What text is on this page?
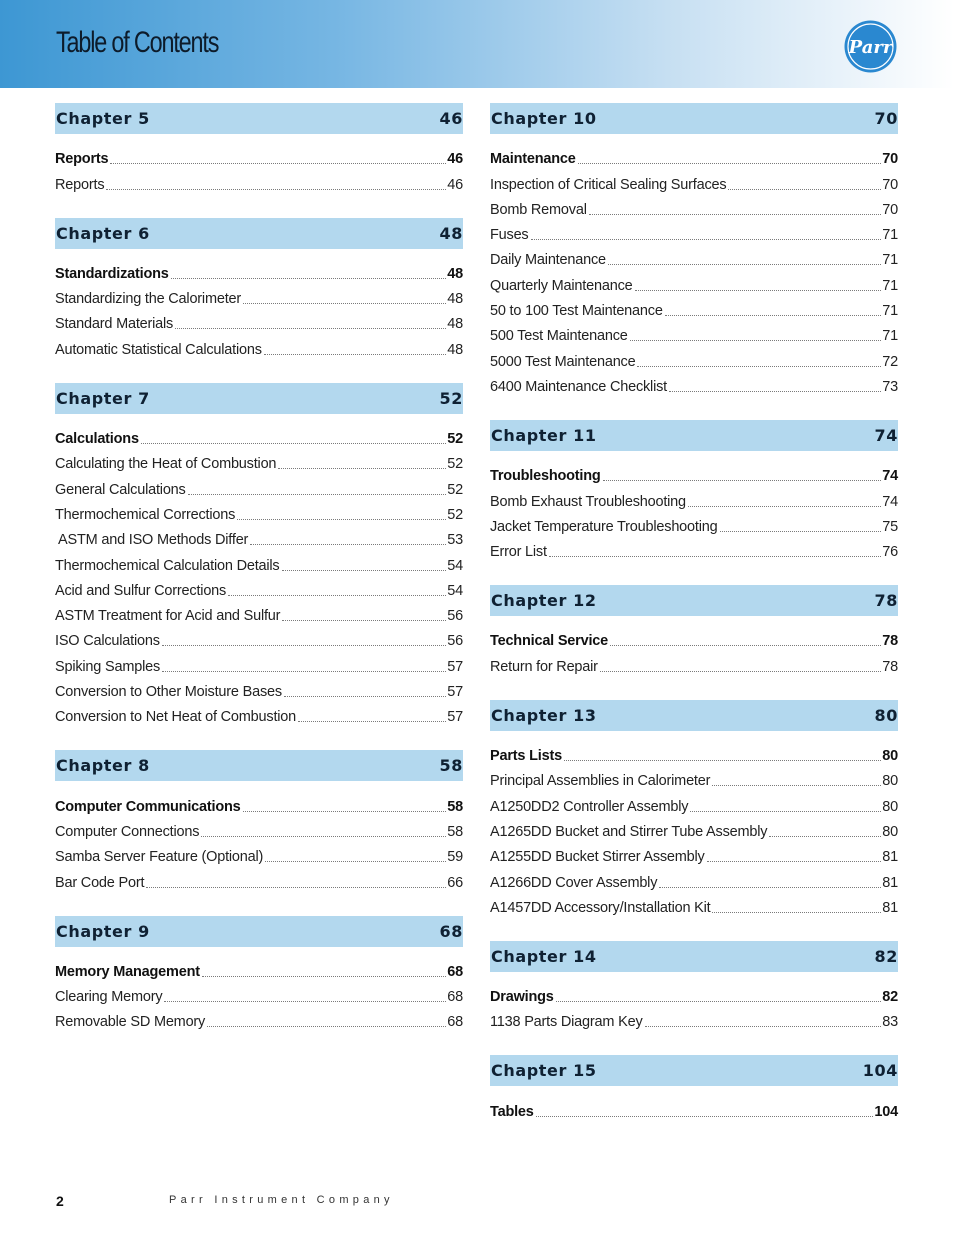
Table of Contents	Parr
Chapter 5	46
Reports	46
Reports	46
Chapter 6	48
Standardizations	48
Standardizing the Calorimeter	48
Standard Materials	48
Automatic Statistical Calculations	48
Chapter 7	52
Calculations	52
Calculating the Heat of Combustion	52
General Calculations	52
Thermochemical Corrections	52
ASTM and ISO Methods Differ	53
Thermochemical Calculation Details	54
Acid and Sulfur Corrections	54
ASTM Treatment for Acid and Sulfur	56
ISO Calculations	56
Spiking Samples	57
Conversion to Other Moisture Bases	57
Conversion to Net Heat of Combustion	57
Chapter 8	58
Computer Communications	58
Computer Connections	58
Samba Server Feature (Optional)	59
Bar Code Port	66
Chapter 9	68
Memory Management	68
Clearing Memory	68
Removable SD Memory	68
Chapter 10	70
Maintenance	70
Inspection of Critical Sealing Surfaces	70
Bomb Removal	70
Fuses	71
Daily Maintenance	71
Quarterly Maintenance	71
50 to 100 Test Maintenance	71
500 Test Maintenance	71
5000 Test Maintenance	72
6400 Maintenance Checklist	73
Chapter 11	74
Troubleshooting	74
Bomb Exhaust Troubleshooting	74
Jacket Temperature Troubleshooting	75
Error List	76
Chapter 12	78
Technical Service	78
Return for Repair	78
Chapter 13	80
Parts Lists	80
Principal Assemblies in Calorimeter	80
A1250DD2 Controller Assembly	80
A1265DD Bucket and Stirrer Tube Assembly	80
A1255DD Bucket Stirrer Assembly	81
A1266DD Cover Assembly	81
A1457DD Accessory/Installation Kit	81
Chapter 14	82
Drawings	82
1138 Parts Diagram Key	83
Chapter 15	104
Tables	104
2	Parr Instrument Company
